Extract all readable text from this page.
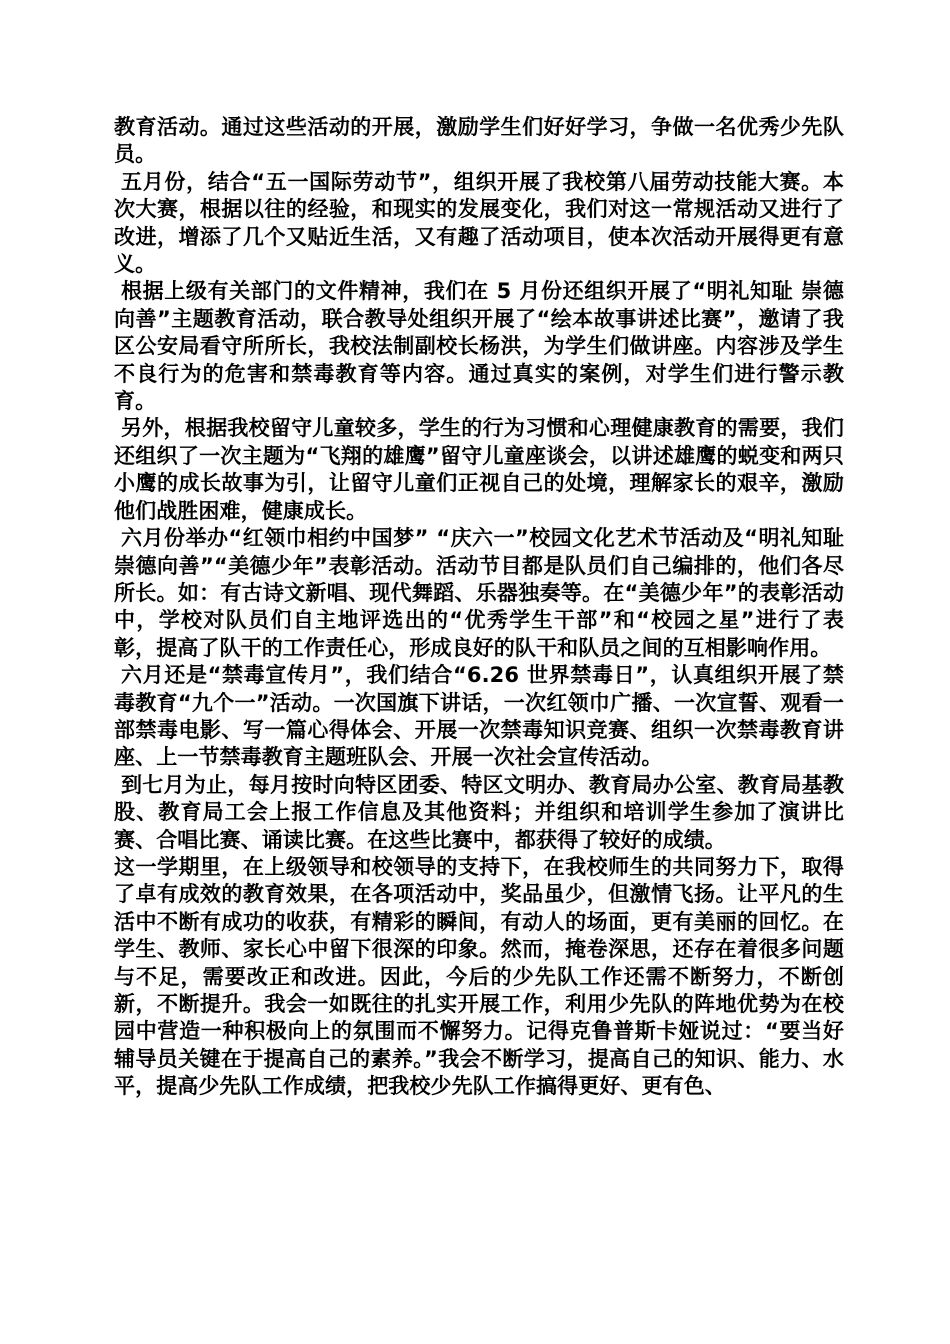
教育活动。通过这些活动的开展，激励学生们好好学习，争做一名优秀少先队员。

五月份，结合“五一国际劳动节”，组织开展了我校第八届劳动技能大赛。本次大赛，根据以往的经验，和现实的发展变化，我们对这一常规活动又进行了改进，增添了几个又贴近生活，又有趣了活动项目，使本次活动开展得更有意义。

根据上级有关部门的文件精神，我们在 5 月份还组织开展了“明礼知耻 崇德向善”主题教育活动，联合教导处组织开展了“绘本故事讲述比赛”，邀请了我区公安局看守所所长，我校法制副校长杨洪，为学生们做讲座。内容涉及学生不良行为的危害和禁毒教育等内容。通过真实的案例，对学生们进行警示教育。

另外，根据我校留守儿童较多，学生的行为习惯和心理健康教育的需要，我们还组织了一次主题为“飞翔的雄鹰”留守儿童座谈会，以讲述雄鹰的蜕变和两只小鹰的成长故事为引，让留守儿童们正视自己的处境，理解家长的艰辛，激励他们战胜困难，健康成长。

六月份举办“红领巾相约中国梦” “庆六一”校园文化艺术节活动及“明礼知耻 崇德向善”“美德少年”表彰活动。活动节目都是队员们自己编排的，他们各尽所长。如：有古诗文新唱、现代舞蹈、乐器独奏等。在“美德少年”的表彰活动中，学校对队员们自主地评选出的“优秀学生干部”和“校园之星”进行了表彰，提高了队干的工作责任心，形成良好的队干和队员之间的互相影响作用。

六月还是“禁毒宣传月”，我们结合“6.26 世界禁毒日”，认真组织开展了禁毒教育“九个一”活动。一次国旗下讲话，一次红领巾广播、一次宣誓、观看一部禁毒电影、写一篇心得体会、开展一次禁毒知识竞赛、组织一次禁毒教育讲座、上一节禁毒教育主题班队会、开展一次社会宣传活动。

到七月为止，每月按时向特区团委、特区文明办、教育局办公室、教育局基教股、教育局工会上报工作信息及其他资料；并组织和培训学生参加了演讲比赛、合唱比赛、诵读比赛。在这些比赛中，都获得了较好的成绩。

这一学期里，在上级领导和校领导的支持下，在我校师生的共同努力下，取得了卓有成效的教育效果，在各项活动中，奖品虽少，但激情飞扬。让平凡的生活中不断有成功的收获，有精彩的瞬间，有动人的场面，更有美丽的回忆。在学生、教师、家长心中留下很深的印象。然而，掩卷深思，还存在着很多问题与不足，需要改正和改进。因此，今后的少先队工作还需不断努力，不断创新，不断提升。我会一如既往的扎实开展工作，利用少先队的阵地优势为在校园中营造一种积极向上的氛围而不懈努力。记得克鲁普斯卡娅说过：“要当好辅导员关键在于提高自己的素养。”我会不断学习，提高自己的知识、能力、水平，提高少先队工作成绩，把我校少先队工作搞得更好、更有色、
